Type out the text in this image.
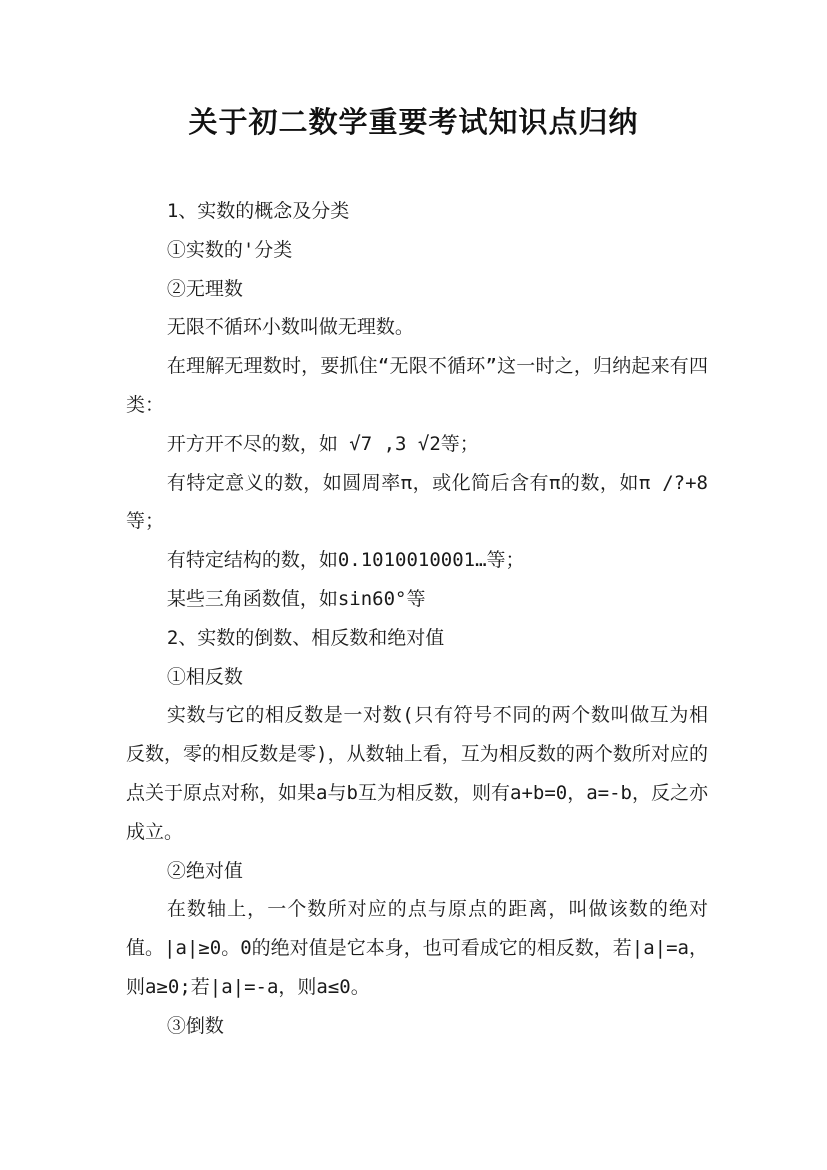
关于初二数学重要考试知识点归纳

1、实数的概念及分类

①实数的'分类

②无理数

无限不循环小数叫做无理数。

在理解无理数时，要抓住“无限不循环”这一时之，归纳起来有四类：

开方开不尽的数，如 √7 ,3 √2等；

有特定意义的数，如圆周率π，或化简后含有π的数，如π /?+8等；

有特定结构的数，如0.1010010001…等；

某些三角函数值，如sin60°等

2、实数的倒数、相反数和绝对值

①相反数

实数与它的相反数是一对数(只有符号不同的两个数叫做互为相反数，零的相反数是零)，从数轴上看，互为相反数的两个数所对应的点关于原点对称，如果a与b互为相反数，则有a+b=0，a=-b，反之亦成立。

②绝对值

在数轴上，一个数所对应的点与原点的距离，叫做该数的绝对值。|a|≥0。0的绝对值是它本身，也可看成它的相反数，若|a|=a，则a≥0;若|a|=-a，则a≤0。

③倒数
